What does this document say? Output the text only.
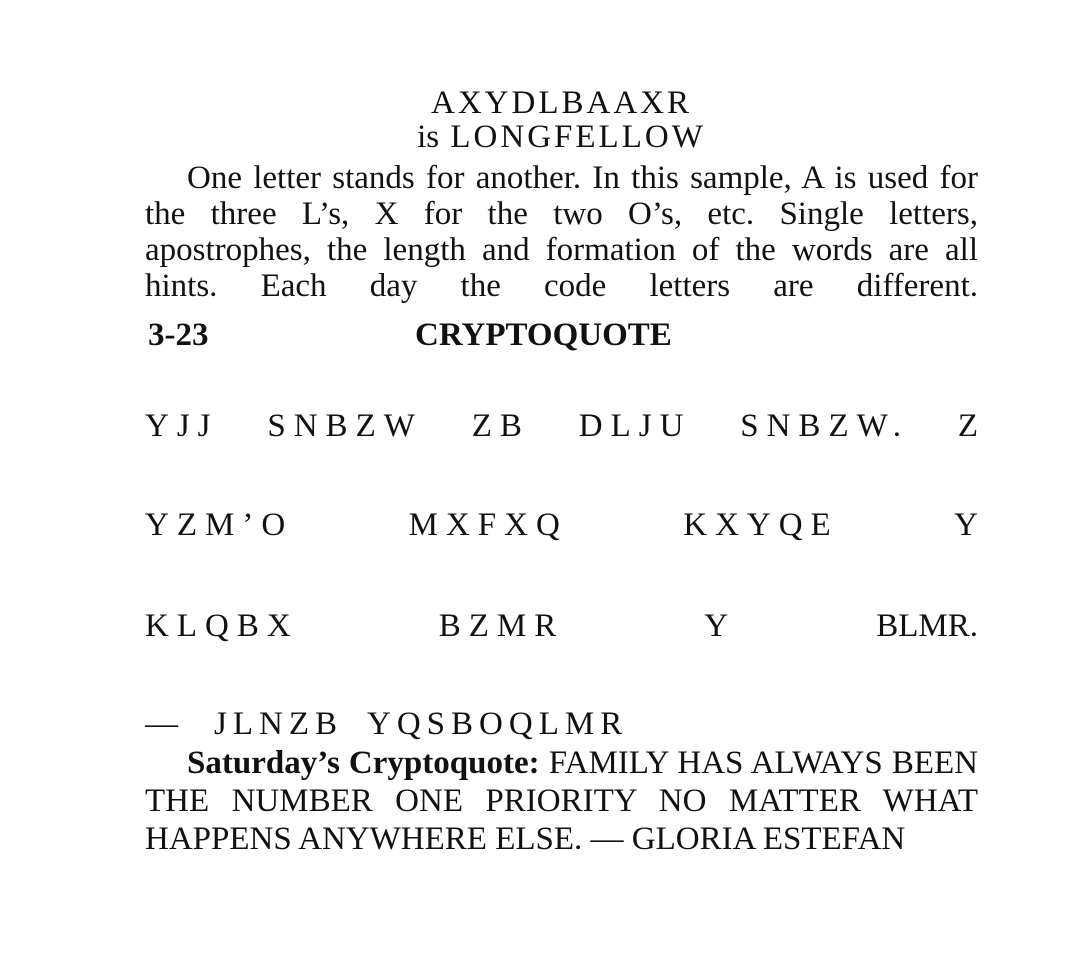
AXYDLBAAXR
is LONGFELLOW

One letter stands for another. In this sample, A is used for the three L’s, X for the two O’s, etc. Single letters, apostrophes, the length and formation of the words are all hints. Each day the code letters are different.

3-23	CRYPTOQUOTE
YJJ SNBZW ZB DLJU SNBZW. Z
YZM’O	MXFXQ	KXYQE	Y
KLQBX	BZMR	Y	BLMR.
— JLNZB YQSBOQLMR

Saturday’s Cryptoquote: FAMILY HAS ALWAYS BEEN THE NUMBER ONE PRIORITY NO MATTER WHAT HAPPENS ANYWHERE ELSE. — GLORIA ESTEFAN
